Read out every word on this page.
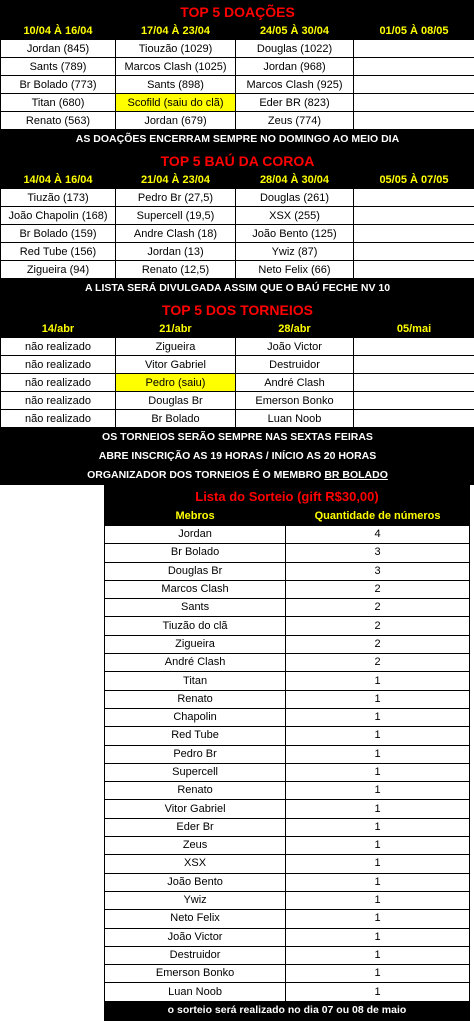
TOP 5 DOAÇÕES			
10/04 À 16/04	17/04 À 23/04	24/05 À 30/04	01/05 À 08/05
Jordan (845)	Tiouzão (1029)	Douglas (1022)	
Sants (789)	Marcos Clash (1025)	Jordan (968)	
Br Bolado (773)	Sants (898)	Marcos Clash (925)	
Titan (680)	Scofild (saiu do clã)	Eder BR (823)	
Renato (563)	Jordan (679)	Zeus (774)	
AS DOAÇÕES ENCERRAM SEMPRE NO DOMINGO AO MEIO DIA			
TOP 5 BAÚ DA COROA			
14/04 À 16/04	21/04 À 23/04	28/04 À 30/04	05/05 À 07/05
Tiuzão (173)	Pedro Br (27,5)	Douglas (261)	
João Chapolin (168)	Supercell (19,5)	XSX (255)	
Br Bolado (159)	Andre Clash (18)	João Bento (125)	
Red Tube (156)	Jordan (13)	Ywiz (87)	
Zigueira (94)	Renato (12,5)	Neto Felix (66)	
A LISTA SERÁ DIVULGADA ASSIM QUE O BAÚ FECHE NV 10			
TOP 5 DOS TORNEIOS			
14/abr	21/abr	28/abr	05/mai
não realizado	Zigueira	João Victor	
não realizado	Vitor Gabriel	Destruidor	
não realizado	Pedro (saiu)	André Clash	
não realizado	Douglas Br	Emerson Bonko	
não realizado	Br Bolado	Luan Noob	
OS TORNEIOS SERÃO SEMPRE NAS SEXTAS FEIRAS			
ABRE INSCRIÇÃO AS 19 HORAS / INÍCIO AS 20 HORAS			
ORGANIZADOR DOS TORNEIOS É O MEMBRO BR BOLADO			
Lista do Sorteio (gift R$30,00)	
Mebros	Quantidade de números
Jordan	4
Br Bolado	3
Douglas Br	3
Marcos Clash	2
Sants	2
Tiuzão do clã	2
Zigueira	2
André Clash	2
Titan	1
Renato	1
Chapolin	1
Red Tube	1
Pedro Br	1
Supercell	1
Renato	1
Vitor Gabriel	1
Eder Br	1
Zeus	1
XSX	1
João Bento	1
Ywiz	1
Neto Felix	1
João Victor	1
Destruidor	1
Emerson Bonko	1
Luan Noob	1
o sorteio será realizado no dia 07 ou 08 de maio	
